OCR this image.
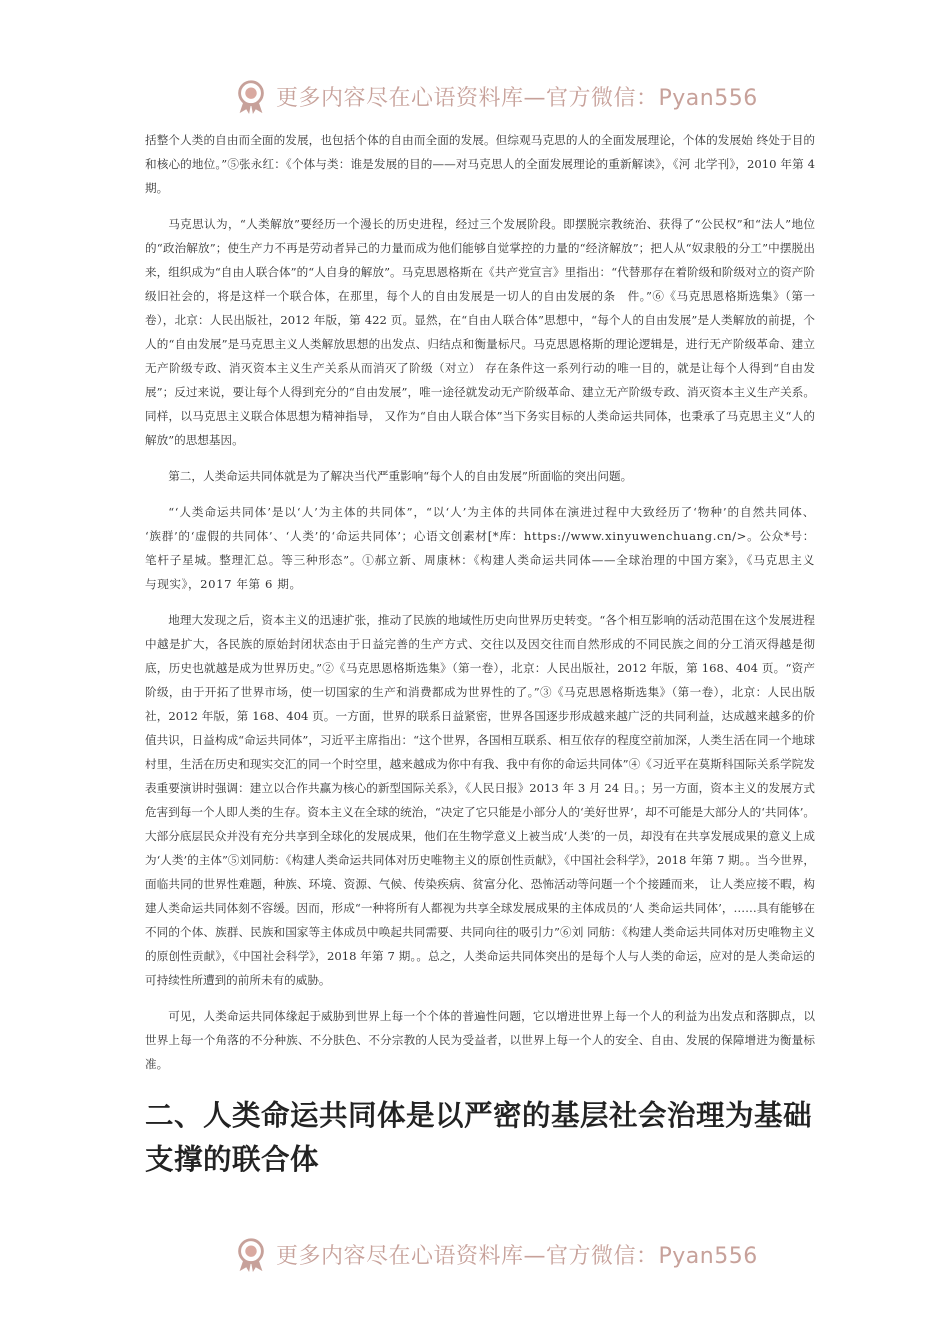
更多内容尽在心语资料库—官方微信：Pyan556

括整个人类的自由而全面的发展，也包括个体的自由而全面的发展。但综观马克思的人的全面发展理论，个体的发展始 终处于目的和核心的地位。”⑤张永红：《个体与类：谁是发展的目的——对马克思人的全面发展理论的重新解读》，《河 北学刊》，2010 年第 4 期。

马克思认为，“人类解放”要经历一个漫长的历史进程，经过三个发展阶段。即摆脱宗教统治、获得了“公民权”和“法人”地位的“政治解放”；使生产力不再是劳动者异己的力量而成为他们能够自觉掌控的力量的“经济解放”；把人从“奴隶般的分工”中摆脱出来，组织成为“自由人联合体”的“人自身的解放”。马克思恩格斯在《共产党宣言》里指出：“代替那存在着阶级和阶级对立的资产阶级旧社会的，将是这样一个联合体，在那里，每个人的自由发展是一切人的自由发展的条　件。”⑥《马克思恩格斯选集》（第一卷），北京：人民出版社，2012 年版，第 422 页。显然，在“自由人联合体”思想中，“每个人的自由发展”是人类解放的前提，个人的“自由发展”是马克思主义人类解放思想的出发点、归结点和衡量标尺。马克思恩格斯的理论逻辑是，进行无产阶级革命、建立无产阶级专政、消灭资本主义生产关系从而消灭了阶级（对立） 存在条件这一系列行动的唯一目的，就是让每个人得到“自由发展”；反过来说，要让每个人得到充分的“自由发展”，唯一途径就发动无产阶级革命、建立无产阶级专政、消灭资本主义生产关系。同样，以马克思主义联合体思想为精神指导， 又作为“自由人联合体”当下务实目标的人类命运共同体，也秉承了马克思主义“人的解放”的思想基因。

第二，人类命运共同体就是为了解决当代严重影响“每个人的自由发展”所面临的突出问题。

“‘人类命运共同体’是以‘人’为主体的共同体”，“以‘人’为主体的共同体在演进过程中大致经历了‘物种’的自然共同体、 ‘族群’的‘虚假的共同体’、‘人类’的‘命运共同体’；心语文创素材[*库：https://www.xinyuwenchuang.cn/>。公众*号：笔杆子星城。整理汇总。等三种形态”。①郝立新、周康林：《构建人类命运共同体——全球治理的中国方案》，《马克思主义与现实》，2017 年第 6 期。

地理大发现之后，资本主义的迅速扩张，推动了民族的地域性历史向世界历史转变。“各个相互影响的活动范围在这个发展进程中越是扩大，各民族的原始封闭状态由于日益完善的生产方式、交往以及因交往而自然形成的不同民族之间的分工消灭得越是彻底，历史也就越是成为世界历史。”②《马克思恩格斯选集》（第一卷），北京：人民出版社，2012 年版，第 168、404 页。“资产阶级，由于开拓了世界市场，使一切国家的生产和消费都成为世界性的了。”③《马克思恩格斯选集》（第一卷），北京：人民出版社，2012 年版，第 168、404 页。一方面，世界的联系日益紧密，世界各国逐步形成越来越广泛的共同利益，达成越来越多的价值共识，日益构成“命运共同体”，习近平主席指出：“这个世界，各国相互联系、相互依存的程度空前加深，人类生活在同一个地球村里，生活在历史和现实交汇的同一个时空里，越来越成为你中有我、我中有你的命运共同体”④《习近平在莫斯科国际关系学院发表重要演讲时强调：建立以合作共赢为核心的新型国际关系》，《人民日报》2013 年 3 月 24 日。；另一方面，资本主义的发展方式危害到每一个人即人类的生存。资本主义在全球的统治，“决定了它只能是小部分人的‘美好世界’，却不可能是大部分人的‘共同体’。大部分底层民众并没有充分共享到全球化的发展成果，他们在生物学意义上被当成‘人类’的一员，却没有在共享发展成果的意义上成为‘人类’的主体”⑤刘同舫：《构建人类命运共同体对历史唯物主义的原创性贡献》，《中国社会科学》，2018 年第 7 期。。当今世界，面临共同的世界性难题，种族、环境、资源、气候、传染疾病、贫富分化、恐怖活动等问题一个个接踵而来， 让人类应接不暇，构建人类命运共同体刻不容缓。因而，形成“一种将所有人都视为共享全球发展成果的主体成员的‘人 类命运共同体’，……具有能够在不同的个体、族群、民族和国家等主体成员中唤起共同需要、共同向往的吸引力”⑥刘 同舫：《构建人类命运共同体对历史唯物主义的原创性贡献》，《中国社会科学》，2018 年第 7 期。。总之，人类命运共同体突出的是每个人与人类的命运，应对的是人类命运的可持续性所遭到的前所未有的威胁。

可见，人类命运共同体缘起于威胁到世界上每一个个体的普遍性问题，它以增进世界上每一个人的利益为出发点和落脚点，以世界上每一个角落的不分种族、不分肤色、不分宗教的人民为受益者，以世界上每一个人的安全、自由、发展的保障增进为衡量标准。

二、人类命运共同体是以严密的基层社会治理为基础支撑的联合体
更多内容尽在心语资料库—官方微信：Pyan556
